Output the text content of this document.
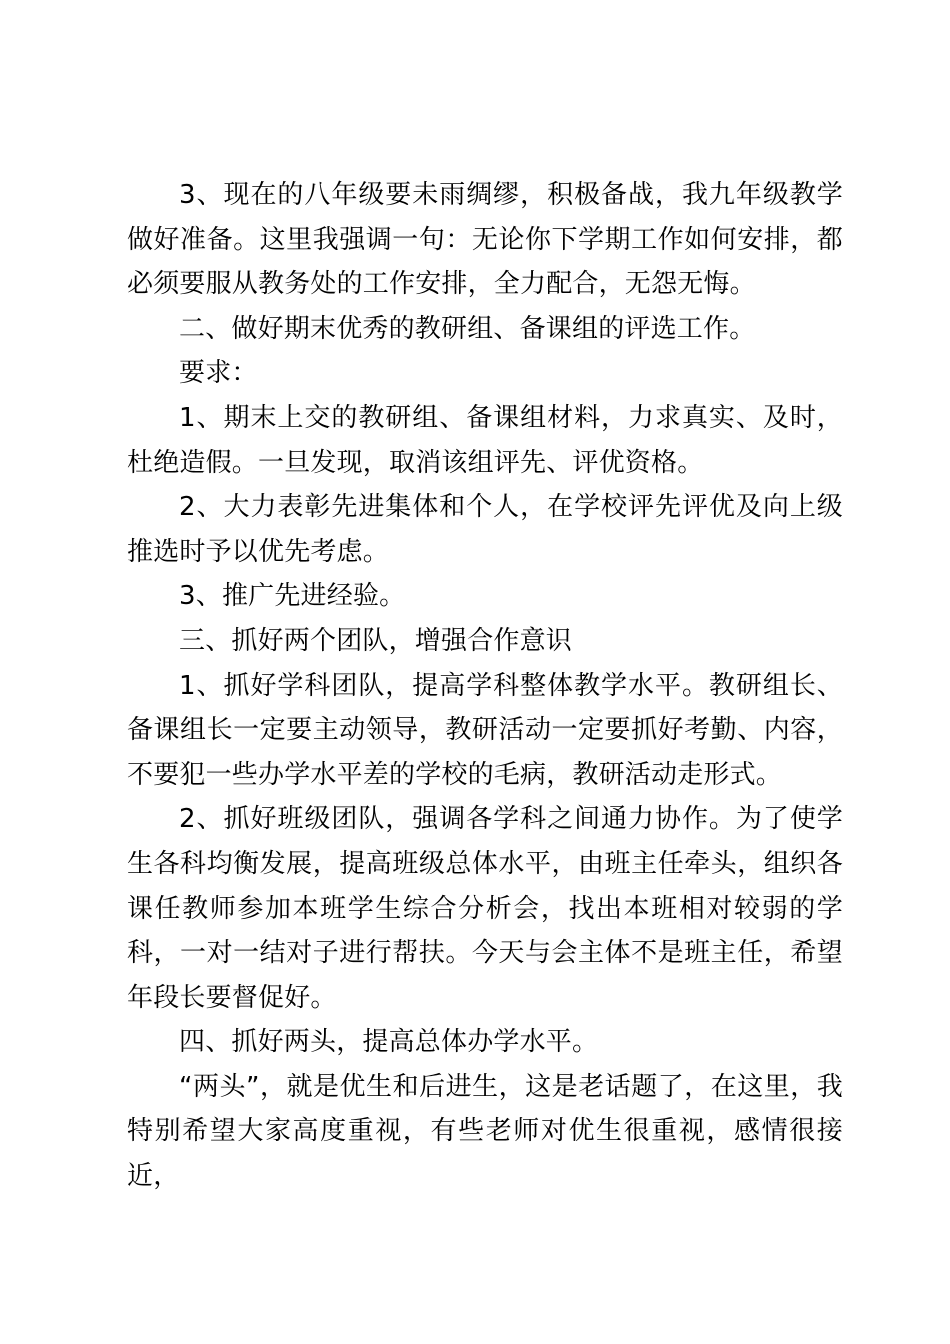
3、现在的八年级要未雨绸缪，积极备战，我九年级教学做好准备。这里我强调一句：无论你下学期工作如何安排，都必须要服从教务处的工作安排，全力配合，无怨无悔。

二、做好期末优秀的教研组、备课组的评选工作。

要求：

1、期末上交的教研组、备课组材料，力求真实、及时，杜绝造假。一旦发现，取消该组评先、评优资格。

2、大力表彰先进集体和个人，在学校评先评优及向上级推选时予以优先考虑。

3、推广先进经验。

三、抓好两个团队，增强合作意识

1、抓好学科团队，提高学科整体教学水平。教研组长、备课组长一定要主动领导，教研活动一定要抓好考勤、内容，不要犯一些办学水平差的学校的毛病，教研活动走形式。

2、抓好班级团队，强调各学科之间通力协作。为了使学生各科均衡发展，提高班级总体水平，由班主任牵头，组织各课任教师参加本班学生综合分析会，找出本班相对较弱的学科，一对一结对子进行帮扶。今天与会主体不是班主任，希望年段长要督促好。

四、抓好两头，提高总体办学水平。

“两头”，就是优生和后进生，这是老话题了，在这里，我特别希望大家高度重视，有些老师对优生很重视，感情很接近，
